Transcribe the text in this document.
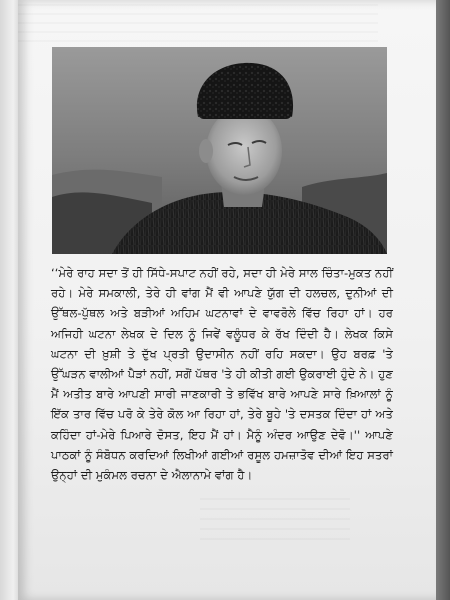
‘‘ਮੇਰੇ ਰਾਹ ਸਦਾ ਤੋਂ ਹੀ ਸਿੱਧੇ-ਸਪਾਟ ਨਹੀਂ ਰਹੇ, ਸਦਾ ਹੀ ਮੇਰੇ ਸਾਲ ਚਿੰਤਾ-ਮੁਕਤ ਨਹੀਂ ਰਹੇ। ਮੇਰੇ ਸਮਕਾਲੀ, ਤੇਰੇ ਹੀ ਵਾਂਗ ਮੈਂ ਵੀ ਆਪਣੇ ਯੁੱਗ ਦੀ ਹਲਚਲ, ਦੁਨੀਆਂ ਦੀ ਉੱਥਲ-ਪੁੱਥਲ ਅਤੇ ਬੜੀਆਂ ਅਹਿਮ ਘਟਨਾਵਾਂ ਦੇ ਵਾਵਰੋਲੇ ਵਿੱਚ ਰਿਹਾ ਹਾਂ। ਹਰ ਅਜਿਹੀ ਘਟਨਾ ਲੇਖਕ ਦੇ ਦਿਲ ਨੂੰ ਜਿਵੇਂ ਵਲੂੰਧਰ ਕੇ ਰੱਖ ਦਿੰਦੀ ਹੈ। ਲੇਖਕ ਕਿਸੇ ਘਟਨਾ ਦੀ ਖ਼ੁਸ਼ੀ ਤੇ ਦੁੱਖ ਪ੍ਰਤੀ ਉਦਾਸੀਨ ਨਹੀਂ ਰਹਿ ਸਕਦਾ। ਉਹ ਬਰਫ਼ 'ਤੇ ਉੱਘੜਨ ਵਾਲੀਆਂ ਪੈੜਾਂ ਨਹੀਂ, ਸਗੋਂ ਪੱਥਰ 'ਤੇ ਹੀ ਕੀਤੀ ਗਈ ਉਕਰਾਈ ਹੁੰਦੇ ਨੇ। ਹੁਣ ਮੈਂ ਅਤੀਤ ਬਾਰੇ ਆਪਣੀ ਸਾਰੀ ਜਾਣਕਾਰੀ ਤੇ ਭਵਿੱਖ ਬਾਰੇ ਆਪਣੇ ਸਾਰੇ ਖ਼ਿਆਲਾਂ ਨੂੰ ਇੱਕ ਤਾਰ ਵਿੱਚ ਪਰੋ ਕੇ ਤੇਰੇ ਕੋਲ ਆ ਰਿਹਾ ਹਾਂ, ਤੇਰੇ ਬੂਹੇ 'ਤੇ ਦਸਤਕ ਦਿੰਦਾ ਹਾਂ ਅਤੇ ਕਹਿੰਦਾ ਹਾਂ-ਮੇਰੇ ਪਿਆਰੇ ਦੋਸਤ, ਇਹ ਮੈਂ ਹਾਂ। ਮੈਨੂੰ ਅੰਦਰ ਆਉਣ ਦੇਵੋ।'' ਆਪਣੇ ਪਾਠਕਾਂ ਨੂੰ ਸੰਬੋਧਨ ਕਰਦਿਆਂ ਲਿਖੀਆਂ ਗਈਆਂ ਰਸੂਲ ਹਮਜ਼ਾਤੋਵ ਦੀਆਂ ਇਹ ਸਤਰਾਂ ਉਨ੍ਹਾਂ ਦੀ ਮੁਕੰਮਲ ਰਚਨਾ ਦੇ ਐਲਾਨਾਮੇ ਵਾਂਗ ਹੈ।
